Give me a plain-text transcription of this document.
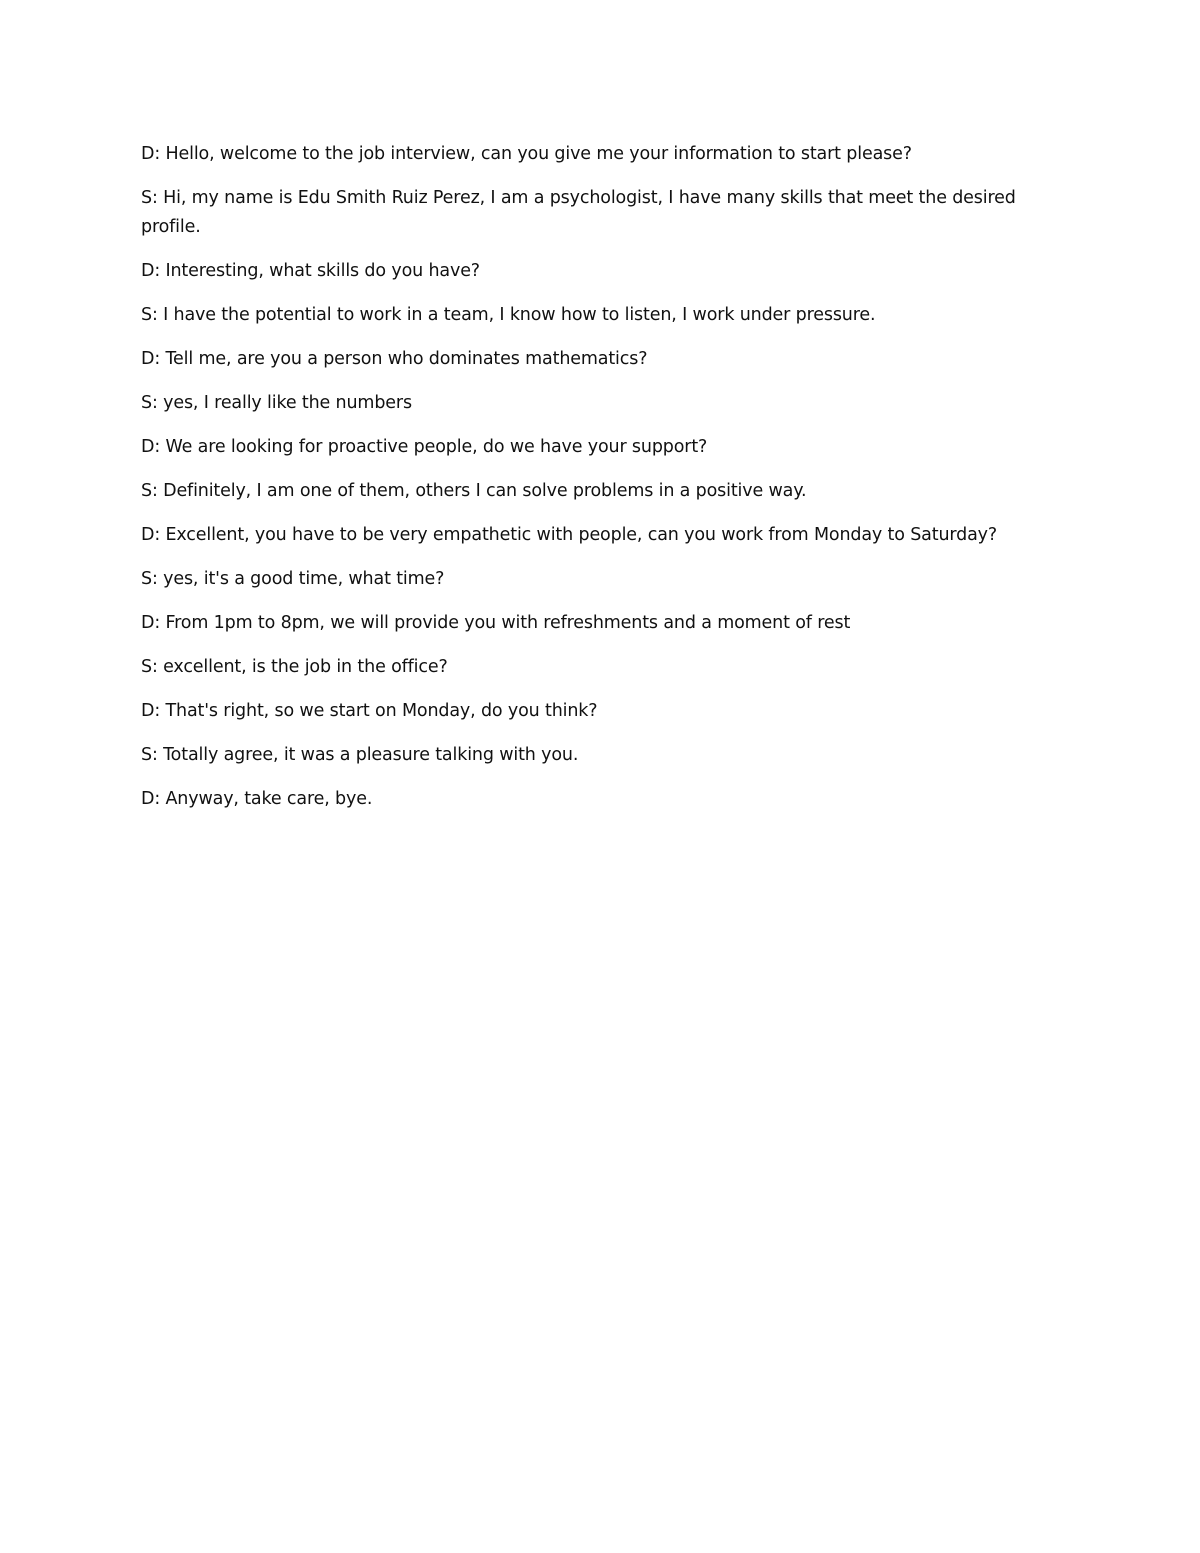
D: Hello, welcome to the job interview, can you give me your information to start please?

S: Hi, my name is Edu Smith Ruiz Perez, I am a psychologist, I have many skills that meet the desired profile.

D: Interesting, what skills do you have?

S: I have the potential to work in a team, I know how to listen, I work under pressure.

D: Tell me, are you a person who dominates mathematics?

S: yes, I really like the numbers

D: We are looking for proactive people, do we have your support?

S: Definitely, I am one of them, others I can solve problems in a positive way.

D: Excellent, you have to be very empathetic with people, can you work from Monday to Saturday?

S: yes, it's a good time, what time?

D: From 1pm to 8pm, we will provide you with refreshments and a moment of rest

S: excellent, is the job in the office?

D: That's right, so we start on Monday, do you think?

S: Totally agree, it was a pleasure talking with you.

D: Anyway, take care, bye.
